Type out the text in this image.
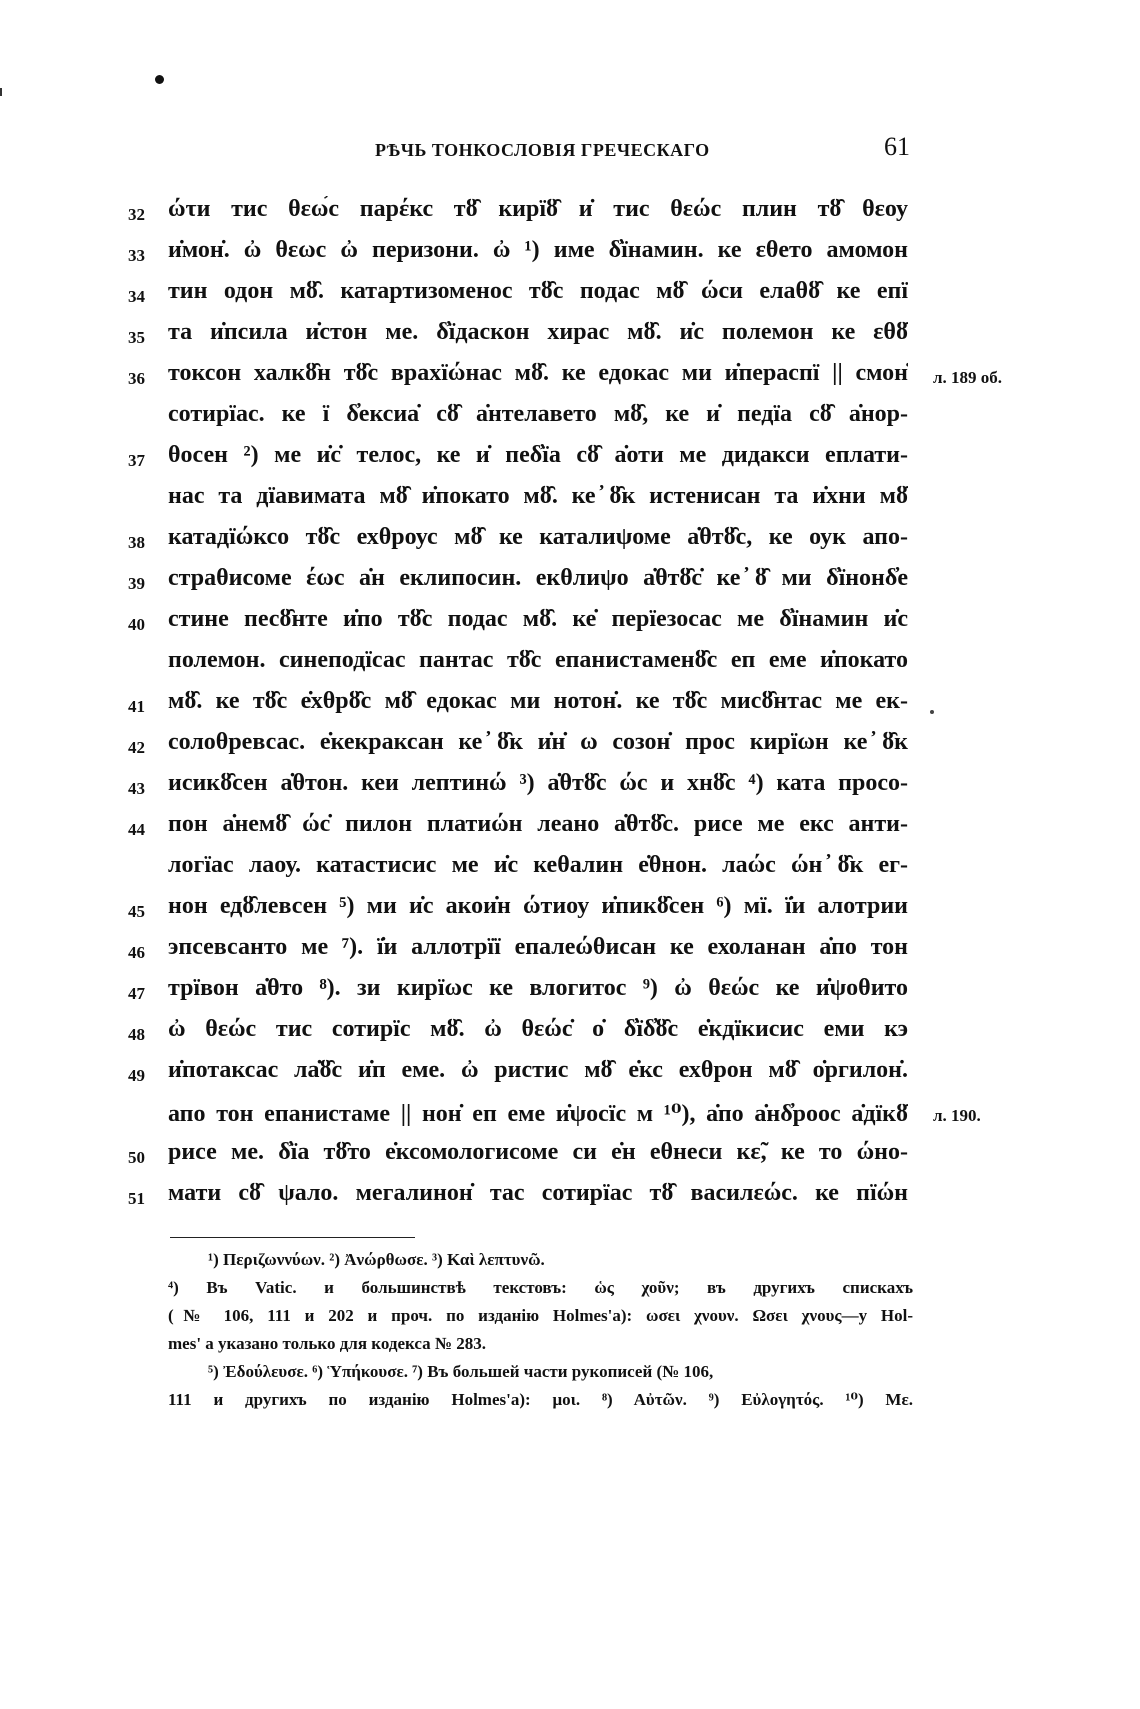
РѢЧЬ ТОНКОСЛОВІЯ ГРЕЧЕСКАГО	61
32 ώτи тис θεω̉c парέкс тȣ̑ кирїȣ̑ и̇ тис θεώс плин тȣ̑ θεоу
33 и̇мон̇. ὠ θεωс ὠ перизони. ὠ ¹) име δ̓їнамин. ке εθето амомон
34 тин одон мȣ̑. катартизоменос тȣ̑с подас мȣ̑ ώси елаθȣ̑ ке епї
35 та и̇псила и̇стон ме. δ̓їдаскон хирас мȣ̑. и̇с полемон ке εθȣ̑
36 токсон халкȣ̑н тȣ̑с врахїώнас мȣ̑. ке едокас ми и̇пераспї || смон̇ л. 189 об.
сотирїас. ке ї δ̓ексиа̇ сȣ̑ а̇нтелавето мȣ̑, ке и̇ педїа сȣ̑ а̇нор-
37 θосен ²) ме и̇с̇ телос, ке и̇ пеδ̓їа сȣ̑ а̇оти ме дидакси еплати-
нас та дїавимата мȣ̑ и̇покато мȣ̑. ке ̓ȣ̑к истенисан та и̇хни мȣ̑
38 катадїώксо тȣ̑с ехθроус мȣ̑ ке каталиψоме а̇θтȣ̑с, ке оук апо-
39 страθисоме έωс а̇н еклипосин. екθлиψо а̇θтȣ̑с̇ ке ̓ȣ̑ ми δ̓їнонδ̓е
40 стине песȣ̑нте и̇по тȣ̑с подас мȣ̑. ке̇ перїезосас ме δ̓їнамин и̇с
полемон. синеподїсас пантас тȣ̑с епанистаменȣ̑с еп еме и̇покато
41 мȣ̑. ке тȣ̑с е̇хθрȣ̑с мȣ̑ едокас ми нотон̇. ке тȣ̑с мисȣ̑нтас ме ек-
42 солоθревсас. е̇кекраксан ке ̓ȣ̑к и̇н̇ ω созон̇ прос кирїωн ке ̓ȣ̑к
43 исикȣ̑сен а̇θтон. кеи лептинώ ³) а̇θтȣ̑с ώс и хнȣ̑с ⁴) ката просо-
44 пон а̇немȣ̑ ώс̇ пилон платиώн леано а̇θтȣ̑с. рисе ме екс анти-
логїас лаоу. катастисис ме и̇с кеθалин е̇θнон. лаώс ώн ̓ȣ̑к ег-
45 нон едȣ̑левсен ⁵) ми и̇с акои̇н ώтиоу и̇пикȣ̑сен ⁶) мї. ї̇и алотрии
46 эпсевсанто ме ⁷). ї̇и аллотрїї епалеώθисан ке ехоланан а̇по тон
47 трївон а̇θто ⁸). зи кирїωс ке влогитос ⁹) ὠ θεώс ке и̇ψоθито
48 ὠ θεώс тис сотирїс мȣ̑. ὠ θεώс̇ о̇ δ̓їδ̓ȣ̑с е̇кдїкисис еми кэ
49 и̇потаксас ла̇ȣ̑с и̇п еме. ὠ ристис мȣ̑ е̇кс ехθрон мȣ̑ о̇ргилон̇.
апо тон епанистаме || нон̇ еп еме и̇ψосїс м ¹⁰), а̇по а̇нδ̓роос а̇дїкȣ̑ л. 190.
50 рисе ме. δ̓їа тȣ̑то е̇ксомологисоме си е̇н еθнеси кε̃, ке то ώно-
51 мати сȣ̑ ψало. мегалинон̇ тас сотирїас тȣ̑ василεώс. ке пїώн
¹) Περιζωννύων. ²) Ἀνώρθωσε. ³) Καὶ λεπτυνῶ.
⁴) Въ Vatic. и большинствѣ текстовъ: ὡς χοῦν; въ другихъ спискахъ
(№ 106, 111 и 202 и проч. по изданію Holmes'a): ωσει χνουν. Ωσει χνους—у Hol-
mes' а указано только для кодекса № 283.
⁵) Ἐδούλευσε. ⁶) Ὑπήκουσε. ⁷) Въ большей части рукописей (№ 106,
111 и другихъ по изданію Holmes'a): μοι. ⁸) Αὐτῶν. ⁹) Εὐλογητός. ¹⁰) Με.
